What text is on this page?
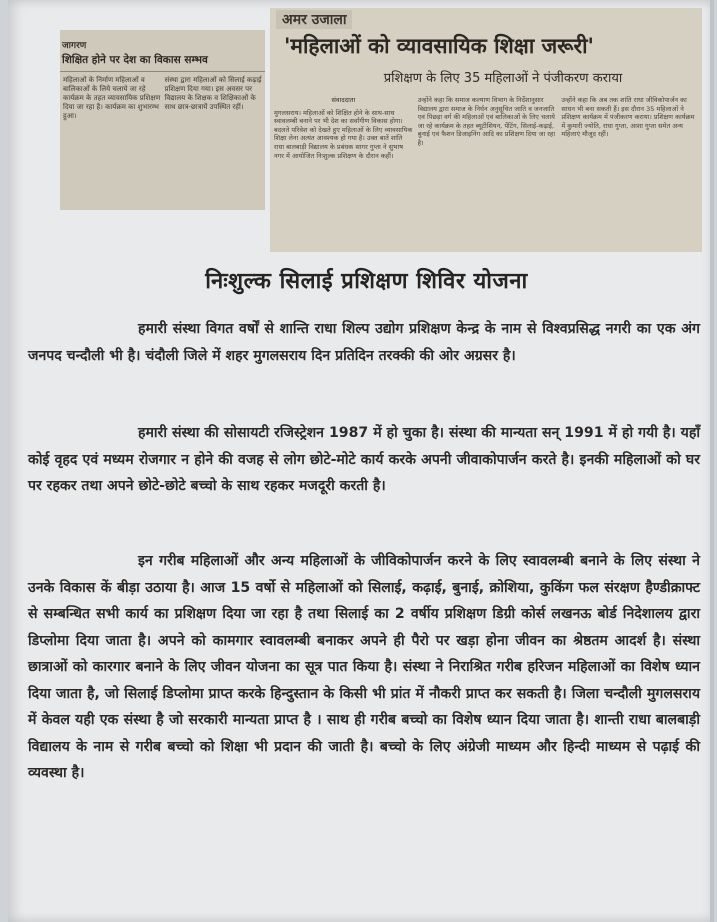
जागरण
शिक्षित होने पर देश का विकास सम्भव
महिलाओं के निर्माण महिलाओं व बालिकाओं के लिये चलाये जा रहे कार्यक्रम के तहत व्यावसायिक प्रशिक्षण दिया जा रहा है। कार्यक्रम का शुभारम्भ हुआ।
संस्था द्वारा महिलाओं को सिलाई कढ़ाई प्रशिक्षण दिया गया। इस अवसर पर विद्यालय के शिक्षक व शिक्षिकाओं के साथ छात्र-छात्रायें उपस्थित रहीं।
अमर उजाला
'महिलाओं को व्यावसायिक शिक्षा जरूरी'
प्रशिक्षण के लिए 35 महिलाओं ने पंजीकरण कराया
संवाददाता
मुगलसराय। महिलाओं को शिक्षित होने के साथ-साथ स्वावलम्बी बनाने पर भी देश का सर्वांगीण विकास होगा। बदलते परिवेश को देखते हुए महिलाओं के लिए व्यावसायिक शिक्षा लेना अत्यंत आवश्यक हो गया है। उक्त बातें शांति राधा बालबाड़ी विद्यालय के प्रबंधक सागर गुप्ता ने सुभाष नगर में आयोजित निःशुल्क प्रशिक्षण के दौरान कहीं।
उन्होंने कहा कि समाज कल्याण विभाग के निर्देशानुसार विद्यालय द्वारा समाज के निर्धन अनुसूचित जाति व जनजाति एवं पिछड़ा वर्ग की महिलाओं एवं बालिकाओं के लिए चलाये जा रहे कार्यक्रम के तहत ब्यूटीशियन, पेंटिंग, सिलाई-कढ़ाई, बुनाई एवं फैशन डिजाइनिंग आदि का प्रशिक्षण दिया जा रहा है।
उन्होंने कहा कि अब तक शांति राधा जीविकोपार्जन का साधन भी बना सकती हैं। इस दौरान 35 महिलाओं ने प्रशिक्षण कार्यक्रम में पंजीकरण कराया। प्रशिक्षण कार्यक्रम में कुमारी ज्योति, राधा गुप्ता, आशा गुप्ता समेत अन्य महिलाएं मौजूद रहीं।
निःशुल्क सिलाई प्रशिक्षण शिविर योजना
हमारी संस्था विगत वर्षों से शान्ति राधा शिल्प उद्योग प्रशिक्षण केन्द्र के नाम से विश्वप्रसिद्ध नगरी का एक अंग जनपद चन्दौली भी है। चंदौली जिले में शहर मुगलसराय दिन प्रतिदिन तरक्की की ओर अग्रसर है।
हमारी संस्था की सोसायटी रजिस्ट्रेशन 1987 में हो चुका है। संस्था की मान्यता सन् 1991 में हो गयी है। यहाँ कोई वृहद एवं मध्यम रोजगार न होने की वजह से लोग छोटे-मोटे कार्य करके अपनी जीवाकोपार्जन करते है। इनकी महिलाओं को घर पर रहकर तथा अपने छोटे-छोटे बच्चो के साथ रहकर मजदूरी करती है।
इन गरीब महिलाओं और अन्य महिलाओं के जीविकोपार्जन करने के लिए स्वावलम्बी बनाने के लिए संस्था ने उनके विकास कें बीड़ा उठाया है। आज 15 वर्षो से महिलाओं को सिलाई, कढ़ाई, बुनाई, क्रोशिया, कुकिंग फल संरक्षण हैण्डीक्राफ्ट से सम्बन्धित सभी कार्य का प्रशिक्षण दिया जा रहा है तथा सिलाई का 2 वर्षीय प्रशिक्षण डिग्री कोर्स लखनऊ बोर्ड निदेशालय द्वारा डिप्लोमा दिया जाता है। अपने को कामगार स्वावलम्बी बनाकर अपने ही पैरो पर खड़ा होना जीवन का श्रेष्ठतम आदर्श है। संस्था छात्राओं को कारगार बनाने के लिए जीवन योजना का सूत्र पात किया है। संस्था ने निराश्रित गरीब हरिजन महिलाओं का विशेष ध्यान दिया जाता है, जो सिलाई डिप्लोमा प्राप्त करके हिन्दुस्तान के किसी भी प्रांत में नौकरी प्राप्त कर सकती है। जिला चन्दौली मुगलसराय में केवल यही एक संस्था है जो सरकारी मान्यता प्राप्त है । साथ ही गरीब बच्चो का विशेष ध्यान दिया जाता है। शान्ती राधा बालबाड़ी विद्यालय के नाम से गरीब बच्चो को शिक्षा भी प्रदान की जाती है। बच्चो के लिए अंग्रेजी माध्यम और हिन्दी माध्यम से पढ़ाई की व्यवस्था है।
